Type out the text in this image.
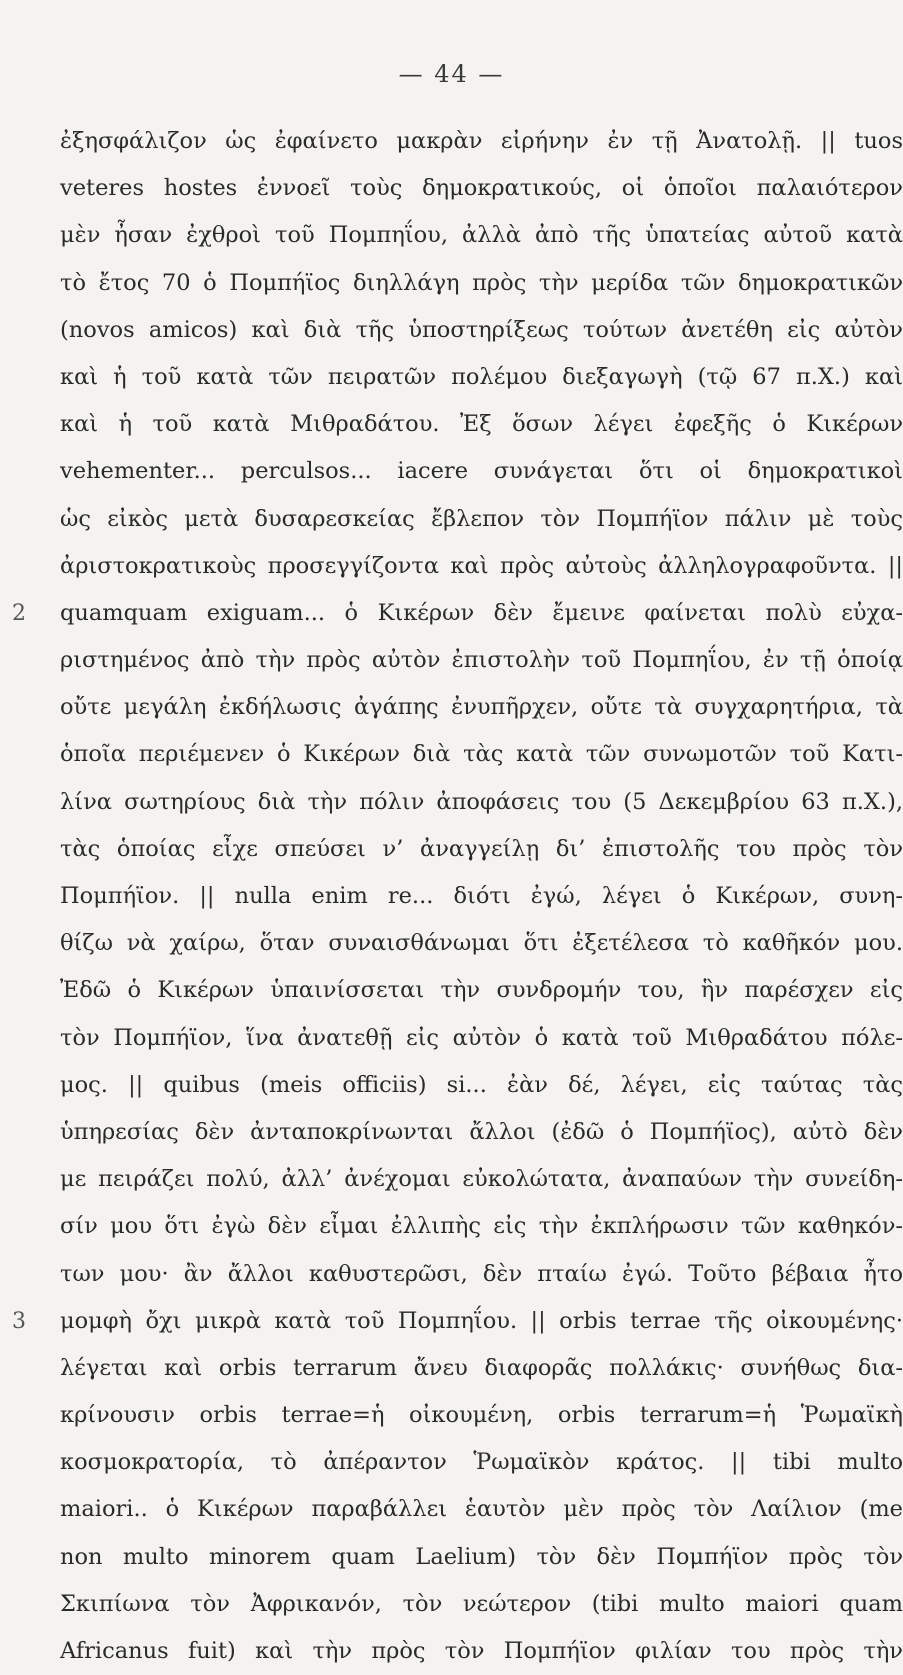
— 44 —
ἐξησφάλιζον ὡς ἐφαίνετο μακρὰν εἰρήνην ἐν τῇ Ἀνατολῇ. || tuos
veteres hostes ἐννοεῖ τοὺς δημοκρατικούς, οἱ ὁποῖοι παλαιότερον
μὲν ἦσαν ἐχθροὶ τοῦ Πομπηΐου, ἀλλὰ ἀπὸ τῆς ὑπατείας αὐτοῦ κατὰ
τὸ ἔτος 70 ὁ Πομπήϊος διηλλάγη πρὸς τὴν μερίδα τῶν δημοκρατικῶν
(novos amicos) καὶ διὰ τῆς ὑποστηρίξεως τούτων ἀνετέθη εἰς αὐτὸν
καὶ ἡ τοῦ κατὰ τῶν πειρατῶν πολέμου διεξαγωγὴ (τῷ 67 π.Χ.) καὶ
καὶ ἡ τοῦ κατὰ Μιθραδάτου. Ἐξ ὅσων λέγει ἐφεξῆς ὁ Κικέρων
vehementer... perculsos... iacere συνάγεται ὅτι οἱ δημοκρατικοὶ
ὡς εἰκὸς μετὰ δυσαρεσκείας ἔβλεπον τὸν Πομπήϊον πάλιν μὲ τοὺς
ἀριστοκρατικοὺς προσεγγίζοντα καὶ πρὸς αὐτοὺς ἀλληλογραφοῦντα. ||
2 quamquam exiguam... ὁ Κικέρων δὲν ἔμεινε φαίνεται πολὺ εὐχα-
ριστημένος ἀπὸ τὴν πρὸς αὐτὸν ἐπιστολὴν τοῦ Πομπηΐου, ἐν τῇ ὁποίᾳ
οὔτε μεγάλη ἐκδήλωσις ἀγάπης ἐνυπῆρχεν, οὔτε τὰ συγχαρητήρια, τὰ
ὁποῖα περιέμενεν ὁ Κικέρων διὰ τὰς κατὰ τῶν συνωμοτῶν τοῦ Κατι-
λίνα σωτηρίους διὰ τὴν πόλιν ἀποφάσεις του (5 Δεκεμβρίου 63 π.Χ.),
τὰς ὁποίας εἶχε σπεύσει ν’ ἀναγγείλῃ δι’ ἐπιστολῆς του πρὸς τὸν
Πομπήϊον. || nulla enim re... διότι ἐγώ, λέγει ὁ Κικέρων, συνη-
θίζω νὰ χαίρω, ὅταν συναισθάνωμαι ὅτι ἐξετέλεσα τὸ καθῆκόν μου.
Ἐδῶ ὁ Κικέρων ὑπαινίσσεται τὴν συνδρομήν του, ἣν παρέσχεν εἰς
τὸν Πομπήϊον, ἵνα ἀνατεθῇ εἰς αὐτὸν ὁ κατὰ τοῦ Μιθραδάτου πόλε-
μος. || quibus (meis officiis) si... ἐὰν δέ, λέγει, εἰς ταύτας τὰς
ὑπηρεσίας δὲν ἀνταποκρίνωνται ἄλλοι (ἐδῶ ὁ Πομπήϊος), αὐτὸ δὲν
με πειράζει πολύ, ἀλλ’ ἀνέχομαι εὐκολώτατα, ἀναπαύων τὴν συνείδη-
σίν μου ὅτι ἐγὼ δὲν εἶμαι ἐλλιπὴς εἰς τὴν ἐκπλήρωσιν τῶν καθηκόν-
των μου· ἂν ἄλλοι καθυστερῶσι, δὲν πταίω ἐγώ. Τοῦτο βέβαια ἦτο
3 μομφὴ ὄχι μικρὰ κατὰ τοῦ Πομπηΐου. || orbis terrae τῆς οἰκουμένης·
λέγεται καὶ orbis terrarum ἄνευ διαφορᾶς πολλάκις· συνήθως δια-
κρίνουσιν orbis terrae=ἡ οἰκουμένη, orbis terrarum=ἡ Ῥωμαϊκὴ
κοσμοκρατορία, τὸ ἀπέραντον Ῥωμαϊκὸν κράτος. || tibi multo
maiori.. ὁ Κικέρων παραβάλλει ἑαυτὸν μὲν πρὸς τὸν Λαίλιον (me
non multo minorem quam Laelium) τὸν δὲν Πομπήϊον πρὸς τὸν
Σκιπίωνα τὸν Ἀφρικανόν, τὸν νεώτερον (tibi multo maiori quam
Africanus fuit) καὶ τὴν πρὸς τὸν Πομπήϊον φιλίαν του πρὸς τὴν
